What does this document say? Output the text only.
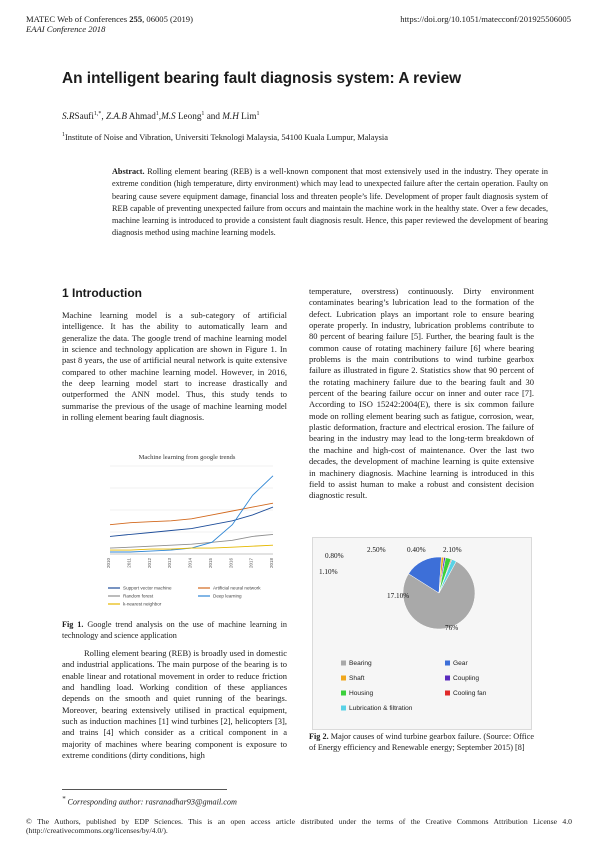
MATEC Web of Conferences 255, 06005 (2019)
EAAI Conference 2018
https://doi.org/10.1051/matecconf/201925506005
An intelligent bearing fault diagnosis system: A review
S.RSaufi$^{1,*}$, Z.A.B Ahmad$^1$,M.S Leong$^1$ and M.H Lim$^1$
$^1$Institute of Noise and Vibration, Universiti Teknologi Malaysia, 54100 Kuala Lumpur, Malaysia
Abstract. Rolling element bearing (REB) is a well-known component that most extensively used in the industry. They operate in extreme condition (high temperature, dirty environment) which may lead to unexpected failure after the certain operation. Faulty on bearing cause severe equipment damage, financial loss and threaten people’s life. Development of proper fault diagnosis system of REB capable of preventing unexpected failure from occurs and maintain the machine work in the healthy state. Over a few decades, machine learning is introduced to provide a consistent fault diagnosis result. Hence, this paper reviewed the development of bearing diagnosis method using machine learning models.
1 Introduction
Machine learning model is a sub-category of artificial intelligence. It has the ability to automatically learn and generalize the data. The google trend of machine learning model in science and technology application are shown in Figure 1. In past 8 years, the use of artificial neural network is quite extensive compared to other machine learning model. However, in 2016, the deep learning model start to increase drastically and outperformed the ANN model. Thus, this study tends to summarise the previous of the usage of machine learning model in rolling element bearing fault diagnosis.
Machine learning from google trends
2010	2011	2012	2013	2014	2015	2016	2017	2018
Support vector machine	Artificial neural network
Random forest	Deep learning
k-nearest neighbor
Fig 1. Google trend analysis on the use of machine learning in technology and science application
Rolling element bearing (REB) is broadly used in domestic and industrial applications. The main purpose of the bearing is to enable linear and rotational movement in order to reduce friction and handling load. Working condition of these appliances depends on the smooth and quiet running of the bearings. Moreover, bearing extensively utilised in practical equipment, such as induction machines [1] wind turbines [2], helicopters [3], and trains [4] which consider as a critical component in a majority of machines where bearing component is exposure to extreme conditions (dirty conditions, high
temperature, overstress) continuously. Dirty environment contaminates bearing’s lubrication lead to the formation of the defect. Lubrication plays an important role to ensure bearing operate properly. In industry, lubrication problems contribute to 80 percent of bearing failure [5]. Further, the bearing fault is the common cause of rotating machinery failure [6] where bearing problems is the main contributions to wind turbine gearbox failure as illustrated in figure 2. Statistics show that 90 percent of the rotating machinery failure due to the bearing fault and 30 percent of the bearing failure occur on inner and outer race [7]. According to ISO 15242:2004(E), there is six common failure mode on rolling element bearing such as fatigue, corrosion, wear, plastic deformation, fracture and electrical erosion. The failure of bearing in the industry may lead to the long-term breakdown of the machine and high-cost of maintenance. Over the last two decades, the development of machine learning is quite extensive in machinery diagnosis. Machine learning is introduced in this field to assist human to make a robust and consistent decision diagnostic result.
76%
17.10%
1.10%
0.80%
2.50%	0.40% 2.10%
Bearing	Gear
Shaft	Coupling
Housing	Cooling fan
Lubrication & filtration
Fig 2. Major causes of wind turbine gearbox failure. (Source: Office of Energy efficiency and Renewable energy; September 2015) [8]
* Corresponding author: rasranadhar93@gmail.com
© The Authors, published by EDP Sciences. This is an open access article distributed under the terms of the Creative Commons Attribution License 4.0 (http://creativecommons.org/licenses/by/4.0/).
